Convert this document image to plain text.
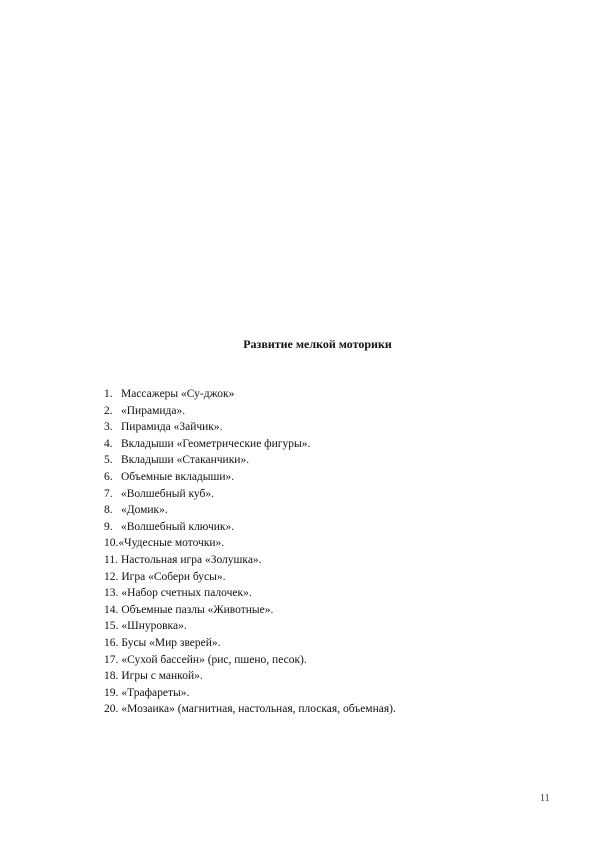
Развитие мелкой моторики
1. Массажеры «Су-джок»
2. «Пирамида».
3. Пирамида «Зайчик».
4. Вкладыши «Геометрические фигуры».
5. Вкладыши «Стаканчики».
6. Объемные вкладыши».
7. «Волшебный куб».
8. «Домик».
9. «Волшебный ключик».
10.«Чудесные моточки».
11. Настольная игра «Золушка».
12. Игра «Собери бусы».
13. «Набор счетных палочек».
14. Объемные пазлы «Животные».
15. «Шнуровка».
16. Бусы «Мир зверей».
17. «Сухой бассейн» (рис, пшено, песок).
18. Игры с манкой».
19. «Трафареты».
20. «Мозаика» (магнитная, настольная, плоская, объемная).
11
